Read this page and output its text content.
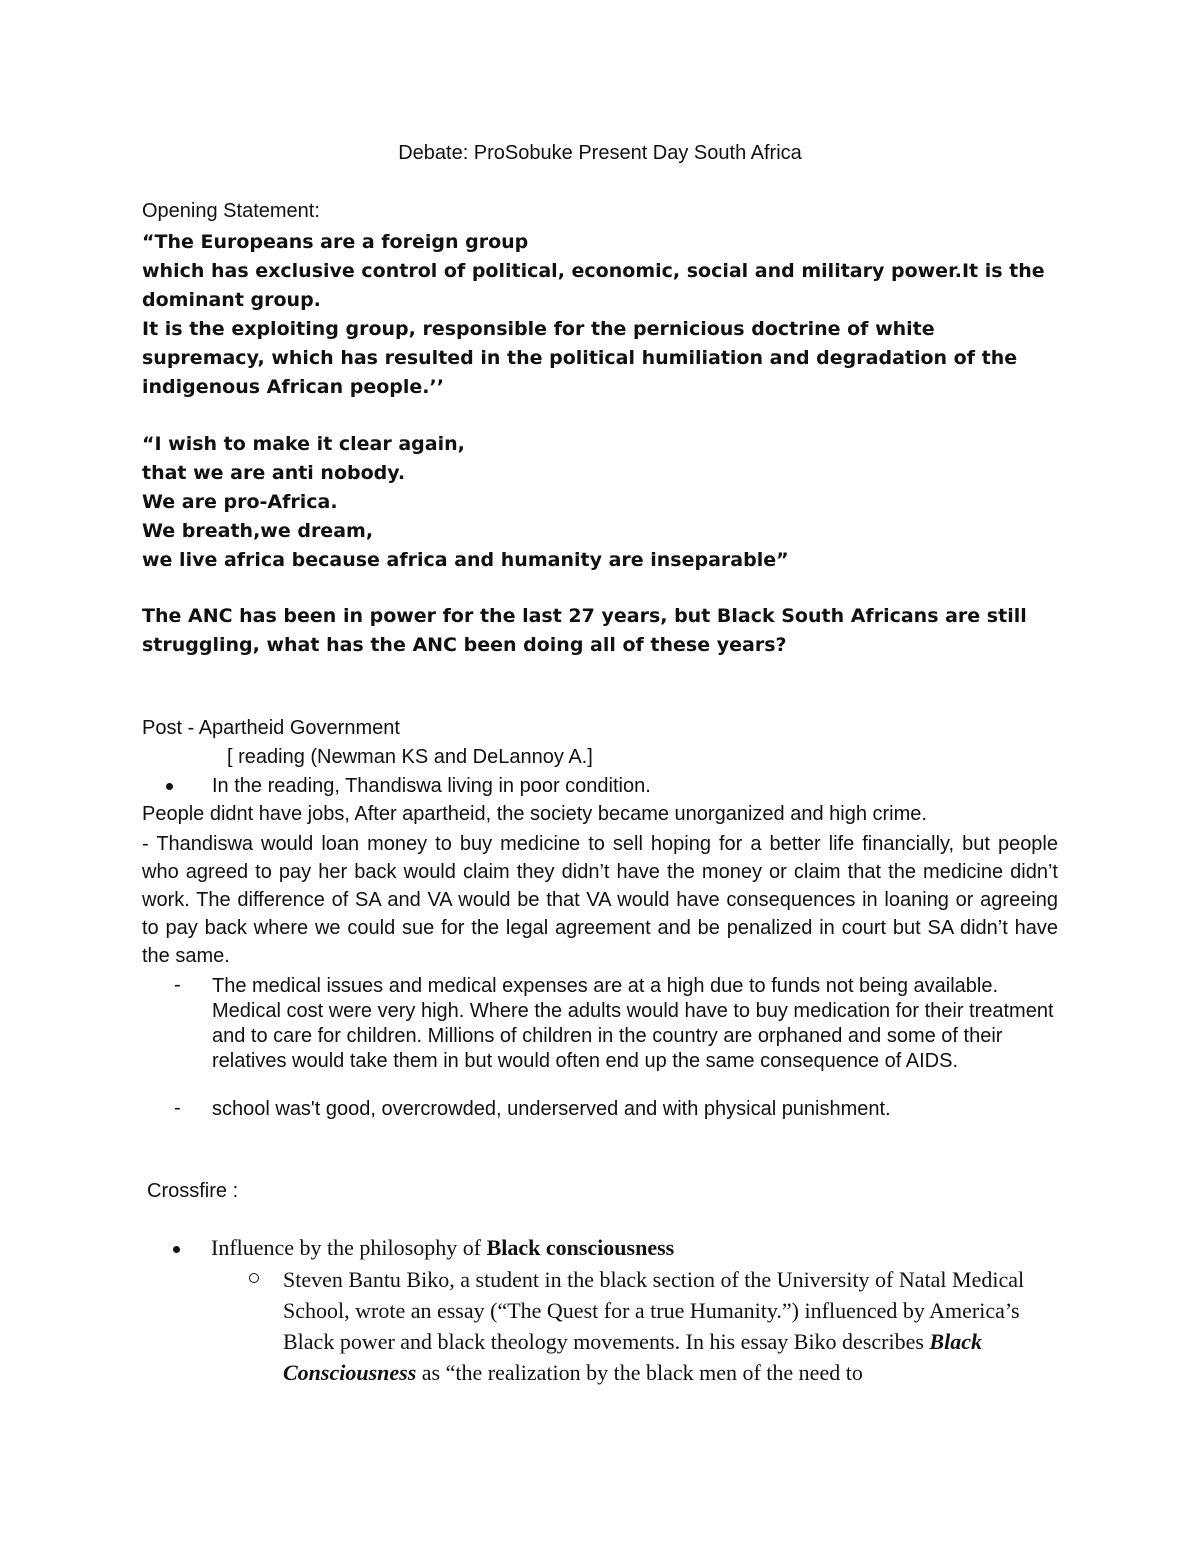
Debate: ProSobuke Present Day South Africa
Opening Statement:
“The Europeans are a foreign group
which has exclusive control of political, economic, social and military power.It is the
dominant group.
It is the exploiting group, responsible for the pernicious doctrine of white
supremacy, which has resulted in the political humiliation and degradation of the
indigenous African people.’’
“I wish to make it clear again,
that we are anti nobody.
We are pro-Africa.
We breath,we dream,
we live africa because africa and humanity are inseparable”
The ANC has been in power for the last 27 years, but Black South Africans are still
struggling, what has the ANC been doing all of these years?
Post - Apartheid Government
[ reading (Newman KS and DeLannoy A.]
In the reading, Thandiswa living in poor condition.
People didnt have jobs, After apartheid, the society became unorganized and high crime.
- Thandiswa would loan money to buy medicine to sell hoping for a better life financially, but people who agreed to pay her back would claim they didn’t have the money or claim that the medicine didn’t work. The difference of SA and VA would be that VA would have consequences in loaning or agreeing to pay back where we could sue for the legal agreement and be penalized in court but SA didn’t have the same.
- The medical issues and medical expenses are at a high due to funds not being available. Medical cost were very high. Where the adults would have to buy medication for their treatment and to care for children. Millions of children in the country are orphaned and some of their relatives would take them in but would often end up the same consequence of AIDS.
- school was't good, overcrowded, underserved and with physical punishment.
Crossfire :
Influence by the philosophy of Black consciousness
Steven Bantu Biko, a student in the black section of the University of Natal Medical School, wrote an essay (“The Quest for a true Humanity.”) influenced by America’s Black power and black theology movements. In his essay Biko describes Black Consciousness as “the realization by the black men of the need to
